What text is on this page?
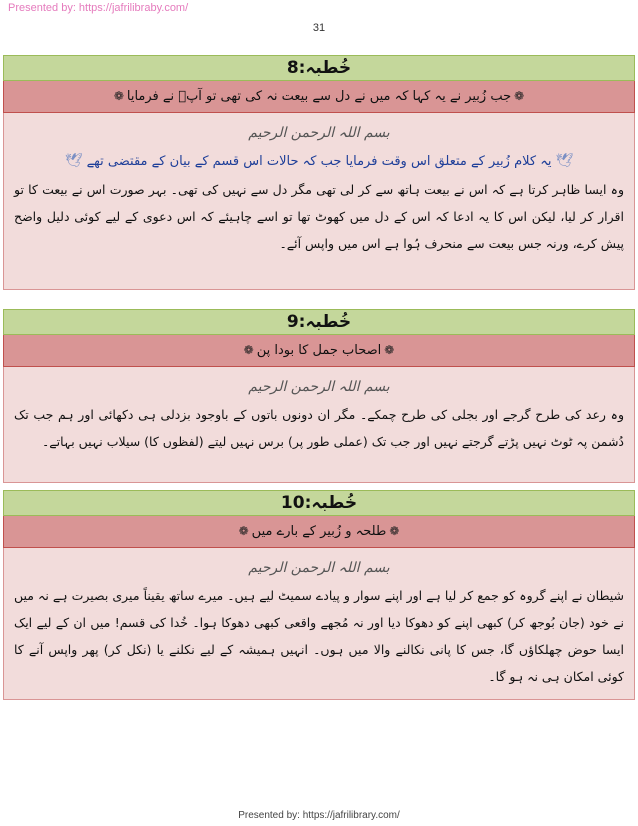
Presented by: https://jafrilibraby.com/
31
خُطبہ:8
❁جب زُبیر نے یہ کہا کہ میں نے دل سے بیعت نہ کی تھی تو آپؑ نے فرمایا❁
بسم اللہ الرحمن الرحیم
🕊یہ کلام زُبیر کے متعلق اس وقت فرمایا جب کہ حالات اس قسم کے بیان کے مقتضی تھے🕊

وہ ایسا ظاہر کرتا ہے کہ اس نے بیعت ہاتھ سے کر لی تھی مگر دل سے نہیں کی تھی۔ بہر صورت اس نے بیعت کا تو اقرار کر لیا، لیکن اس کا یہ ادعا کہ اس کے دل میں کھوٹ تھا تو اسے چاہیئے کہ اس دعوی کے لیے کوئی دلیل واضح پیش کرے، ورنہ جس بیعت سے منحرف ہُوا ہے اس میں واپس آئے۔

خُطبہ:9
❁اصحاب جمل کا بودا پن❁
بسم اللہ الرحمن الرحیم

وہ رعد کی طرح گرجے اور بجلی کی طرح چمکے۔ مگر ان دونوں باتوں کے باوجود بزدلی ہی دکھائی اور ہم جب تک دُشمن پہ ٹوٹ نہیں پڑتے گرجتے نہیں اور جب تک (عملی طور پر) برس نہیں لیتے (لفظوں کا) سیلاب نہیں بہاتے۔

خُطبہ:10
❁طلحہ و زُبیر کے بارے میں❁
بسم اللہ الرحمن الرحیم

شیطان نے اپنے گروہ کو جمع کر لیا ہے اور اپنے سوار و پیادے سمیٹ لیے ہیں۔ میرے ساتھ یقیناً میری بصیرت ہے نہ میں نے خود (جان بُوجھ کر) کبھی اپنے کو دھوکا دیا اور نہ مُجھے واقعی کبھی دھوکا ہوا۔ خُدا کی قسم! میں ان کے لیے ایک ایسا حوض چھلکاؤں گا، جس کا پانی نکالنے والا میں ہوں۔ انہیں ہمیشہ کے لیے نکلنے یا (نکل کر) پھر واپس آنے کا کوئی امکان ہی نہ ہو گا۔

Presented by: https://jafrilibrary.com/
